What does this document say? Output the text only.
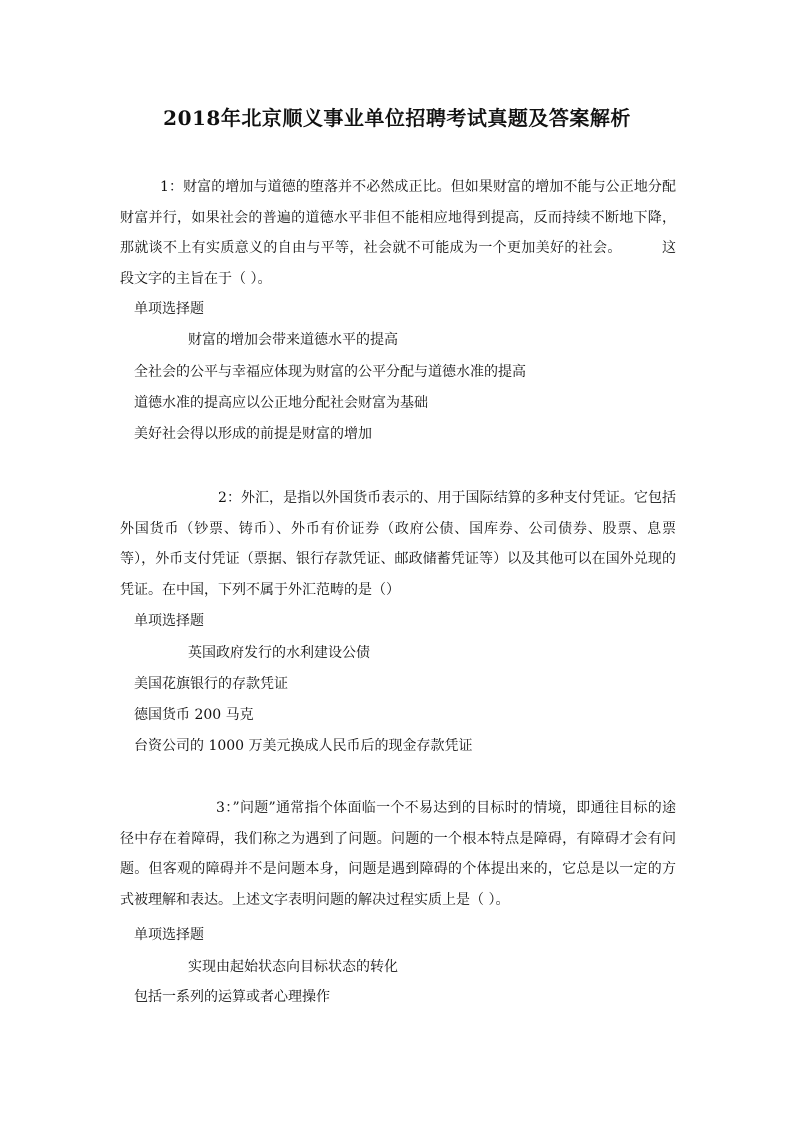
2018年北京顺义事业单位招聘考试真题及答案解析

1：财富的增加与道德的堕落并不必然成正比。但如果财富的增加不能与公正地分配财富并行，如果社会的普遍的道德水平非但不能相应地得到提高，反而持续不断地下降，那就谈不上有实质意义的自由与平等，社会就不可能成为一个更加美好的社会。	这段文字的主旨在于（ ）。

单项选择题
财富的增加会带来道德水平的提高
全社会的公平与幸福应体现为财富的公平分配与道德水准的提高
道德水准的提高应以公正地分配社会财富为基础
美好社会得以形成的前提是财富的增加

2：外汇，是指以外国货币表示的、用于国际结算的多种支付凭证。它包括外国货币（钞票、铸币）、外币有价证券（政府公债、国库券、公司债券、股票、息票等），外币支付凭证（票据、银行存款凭证、邮政储蓄凭证等）以及其他可以在国外兑现的凭证。在中国，下列不属于外汇范畴的是（）

单项选择题
英国政府发行的水利建设公债
美国花旗银行的存款凭证
德国货币 200 马克
台资公司的 1000 万美元换成人民币后的现金存款凭证

3：”问题”通常指个体面临一个不易达到的目标时的情境，即通往目标的途径中存在着障碍，我们称之为遇到了问题。问题的一个根本特点是障碍，有障碍才会有问题。但客观的障碍并不是问题本身，问题是遇到障碍的个体提出来的，它总是以一定的方式被理解和表达。上述文字表明问题的解决过程实质上是（ ）。

单项选择题
实现由起始状态向目标状态的转化
包括一系列的运算或者心理操作
